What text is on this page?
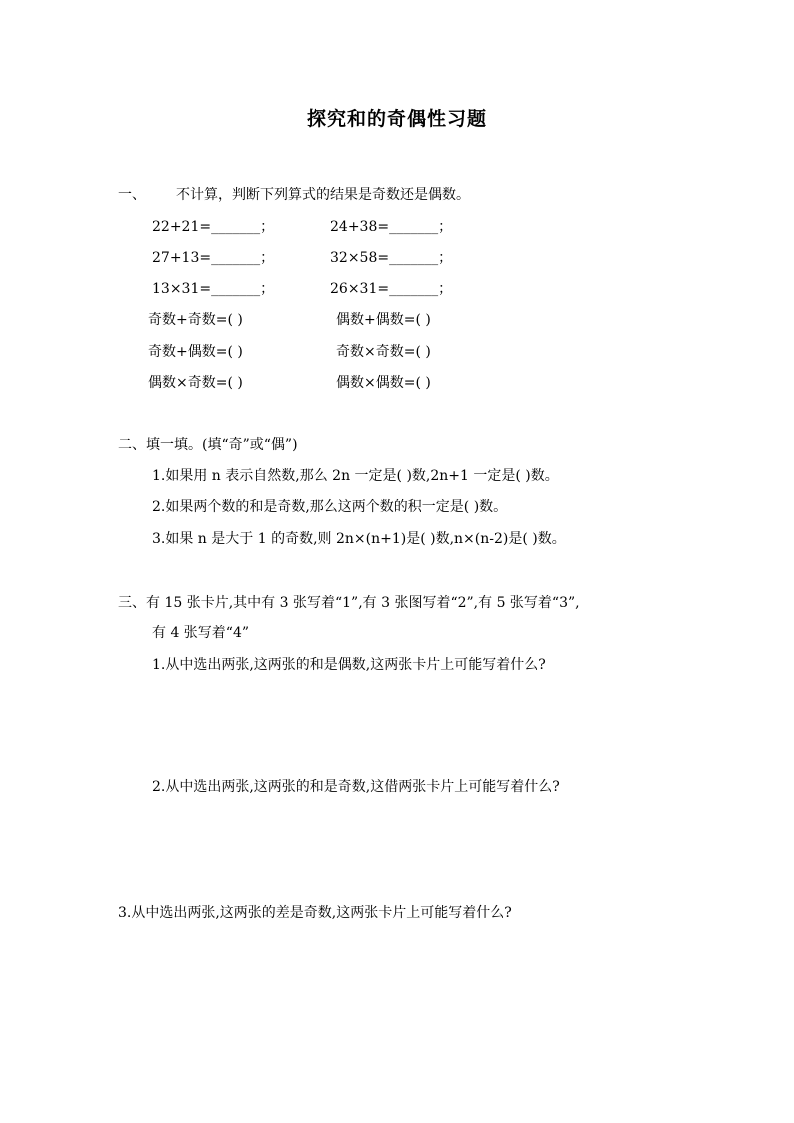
探究和的奇偶性习题
一、 不计算，判断下列算式的结果是奇数还是偶数。
22+21=_______；	24+38=_______；
27+13=_______；	32×58=_______；
13×31=_______；	26×31=_______；
奇数+奇数=( )	偶数+偶数=( )
奇数+偶数=( )	奇数×奇数=( )
偶数×奇数=( )	偶数×偶数=( )
二、填一填。(填“奇”或“偶”)
1.如果用 n 表示自然数,那么 2n 一定是( )数,2n+1 一定是( )数。
2.如果两个数的和是奇数,那么这两个数的积一定是( )数。
3.如果 n 是大于 1 的奇数,则 2n×(n+1)是( )数,n×(n-2)是( )数。
三、有 15 张卡片,其中有 3 张写着“1”,有 3 张图写着“2”,有 5 张写着“3”,
有 4 张写着“4”
1.从中选出两张,这两张的和是偶数,这两张卡片上可能写着什么?
2.从中选出两张,这两张的和是奇数,这借两张卡片上可能写着什么?
3.从中选出两张,这两张的差是奇数,这两张卡片上可能写着什么?
